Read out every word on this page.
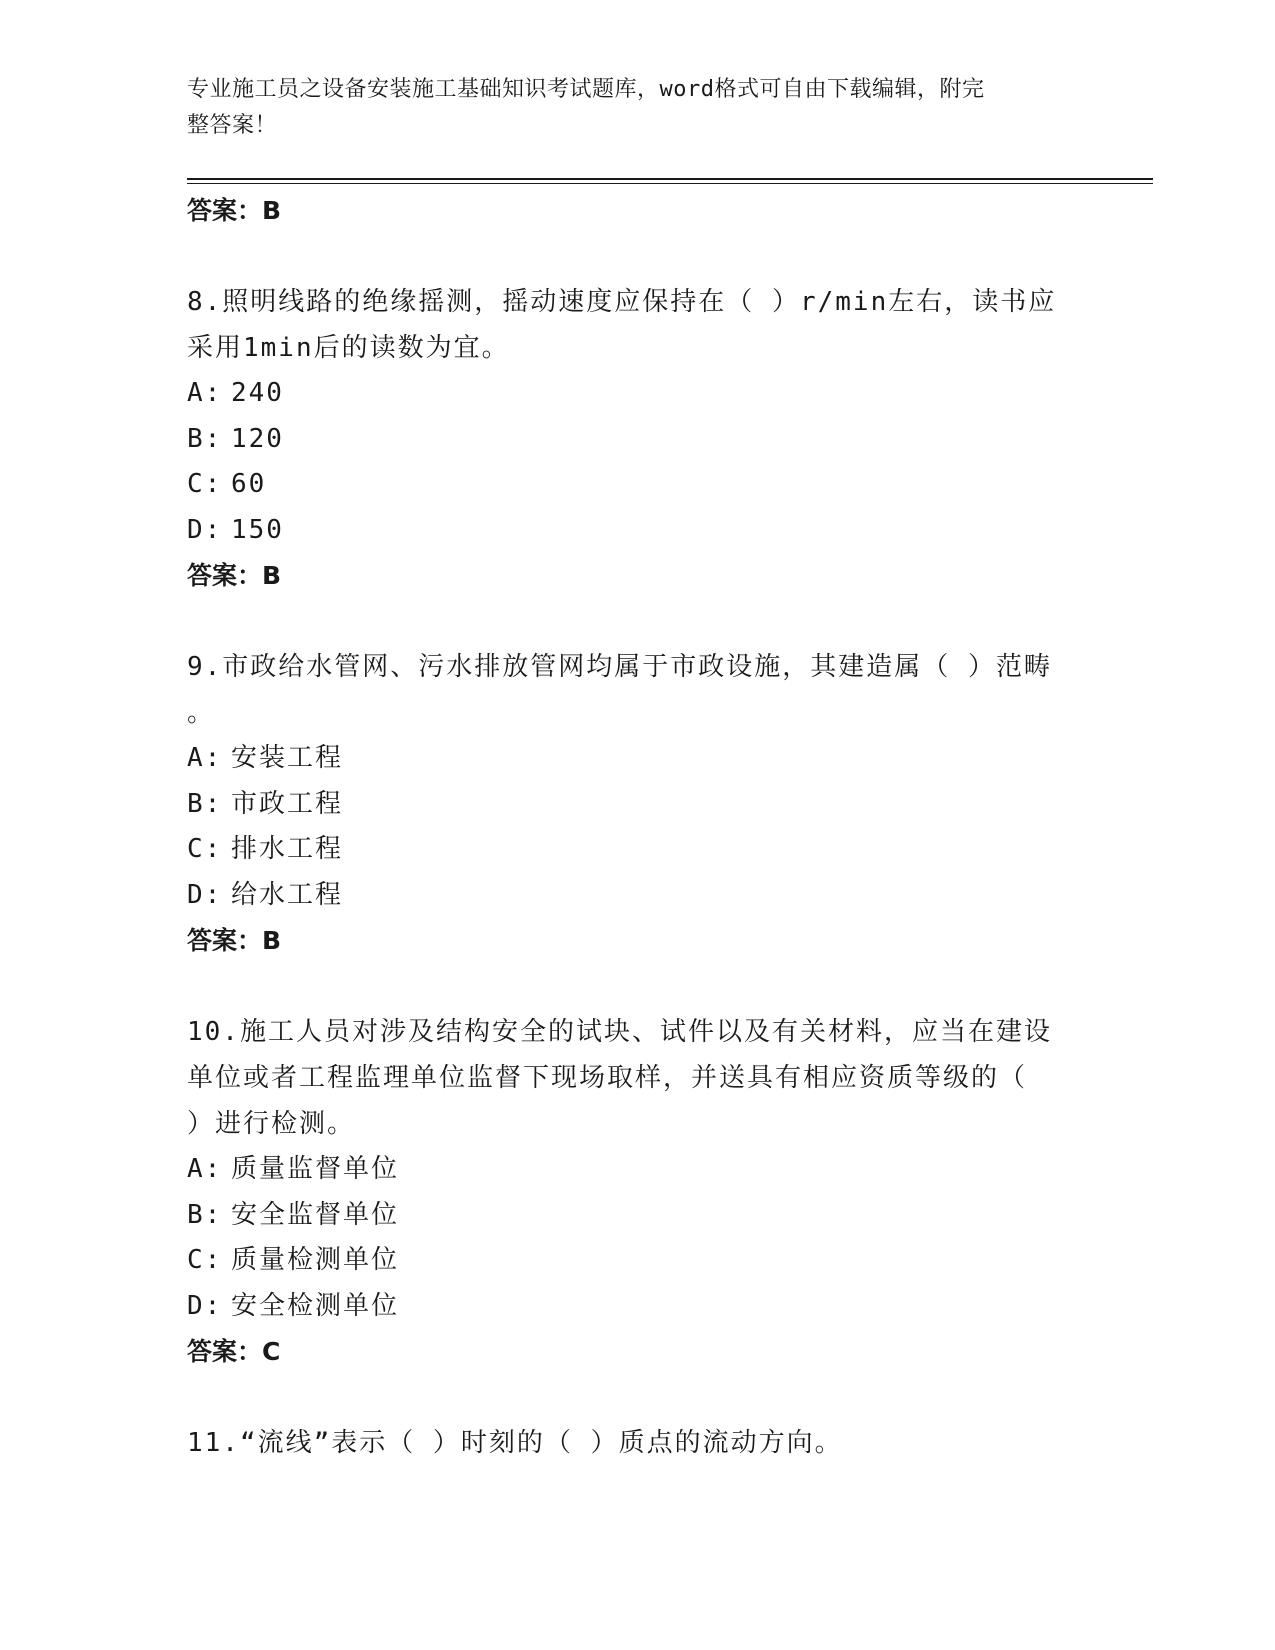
专业施工员之设备安装施工基础知识考试题库，word格式可自由下载编辑，附完
整答案！

答案：B

8.照明线路的绝缘摇测，摇动速度应保持在（ ）r/min左右，读书应

采用1min后的读数为宜。

A: 240

B: 120

C: 60

D: 150

答案：B

9.市政给水管网、污水排放管网均属于市政设施，其建造属（ ）范畴

。

A: 安装工程

B: 市政工程

C: 排水工程

D: 给水工程

答案：B

10.施工人员对涉及结构安全的试块、试件以及有关材料，应当在建设

单位或者工程监理单位监督下现场取样，并送具有相应资质等级的（

）进行检测。

A: 质量监督单位

B: 安全监督单位

C: 质量检测单位

D: 安全检测单位

答案：C

11.“流线”表示（ ）时刻的（ ）质点的流动方向。
